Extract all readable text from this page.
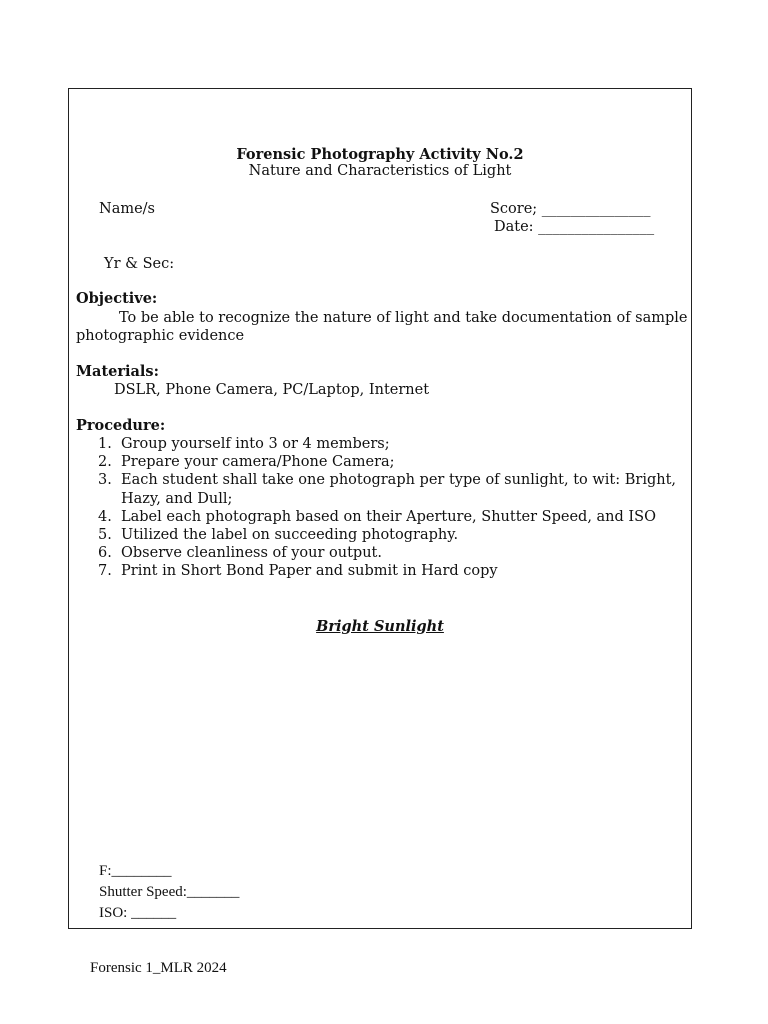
Forensic Photography Activity No.2
Nature and Characteristics of Light
Name/s	Score; _______________
Date: ________________
Yr & Sec:
Objective:
To be able to recognize the nature of light and take documentation of sample
photographic evidence
Materials:
DSLR, Phone Camera, PC/Laptop, Internet
Procedure:
1. Group yourself into 3 or 4 members;
2. Prepare your camera/Phone Camera;
3. Each student shall take one photograph per type of sunlight, to wit: Bright, Hazy, and Dull;
4. Label each photograph based on their Aperture, Shutter Speed, and ISO
5. Utilized the label on succeeding photography.
6. Observe cleanliness of your output.
7. Print in Short Bond Paper and submit in Hard copy
Bright Sunlight
F:________
Shutter Speed:_______
ISO: ______
Forensic 1_MLR 2024
